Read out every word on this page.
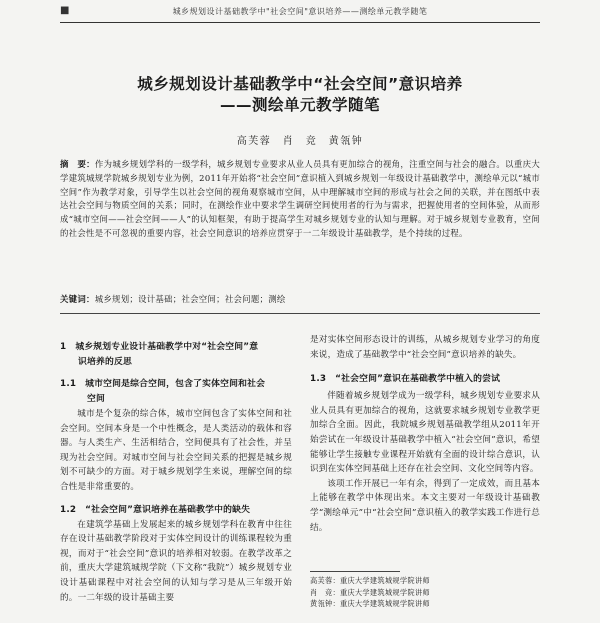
■	城乡规划设计基础教学中"社会空间"意识培养——测绘单元教学随笔
城乡规划设计基础教学中“社会空间”意识培养
——测绘单元教学随笔
高芙蓉　肖　竞　黄瓴钟
摘　要：作为城乡规划学科的一级学科，城乡规划专业要求从业人员具有更加综合的视角，注重空间与社会的融合。以重庆大学建筑城规学院城乡规划专业为例，2011年开始将“社会空间”意识植入到城乡规划一年级设计基础教学中，测绘单元以“城市空间”作为教学对象，引导学生以社会空间的视角观察城市空间，从中理解城市空间的形成与社会之间的关联，并在图纸中表达社会空间与物质空间的关系；同时，在测绘作业中要求学生调研空间使用者的行为与需求，把握使用者的空间体验，从而形成“城市空间——社会空间——人”的认知框架，有助于提高学生对城乡规划专业的认知与理解。对于城乡规划专业教育，空间的社会性是不可忽视的重要内容，社会空间意识的培养应贯穿于一二年级设计基础教学，是个持续的过程。
关键词：城乡规划；设计基础；社会空间；社会问题；测绘
1　城乡规划专业设计基础教学中对“社会空间”意
　　识培养的反思
1.1　城市空间是综合空间，包含了实体空间和社会
　　　空间

城市是个复杂的综合体，城市空间包含了实体空间和社会空间。空间本身是一个中性概念，是人类活动的载体和容器。与人类生产、生活相结合，空间便具有了社会性，并呈现为社会空间。对城市空间与社会空间关系的把握是城乡规划不可缺少的方面。对于城乡规划学生来说，理解空间的综合性是非常重要的。

1.2　“社会空间”意识培养在基础教学中的缺失

在建筑学基础上发展起来的城乡规划学科在教育中往往存在设计基础教学阶段对于实体空间设计的训练课程较为重视，而对于“社会空间”意识的培养相对较弱。在教学改革之前，重庆大学建筑城规学院（下文称“我院”）城乡规划专业设计基础课程中对社会空间的认知与学习是从三年级开始的。一二年级的设计基础主要

是对实体空间形态设计的训练，从城乡规划专业学习的角度来说，造成了基础教学中“社会空间”意识培养的缺失。
1.3　“社会空间”意识在基础教学中植入的尝试

伴随着城乡规划学成为一级学科，城乡规划专业要求从业人员具有更加综合的视角，这就要求城乡规划专业教学更加综合全面。因此，我院城乡规划基础教学组从2011年开始尝试在一年级设计基础教学中植入“社会空间”意识，希望能够让学生接触专业课程开始就有全面的设计综合意识，认识到在实体空间基础上还存在社会空间、文化空间等内容。

该项工作开展已一年有余，得到了一定成效，而且基本上能够在教学中体现出来。本文主要对一年级设计基础教学“测绘单元”中“社会空间”意识植入的教学实践工作进行总结。

高芙蓉：重庆大学建筑城规学院讲师
肖　竞：重庆大学建筑城规学院讲师
黄瓴钟：重庆大学建筑城规学院讲师
